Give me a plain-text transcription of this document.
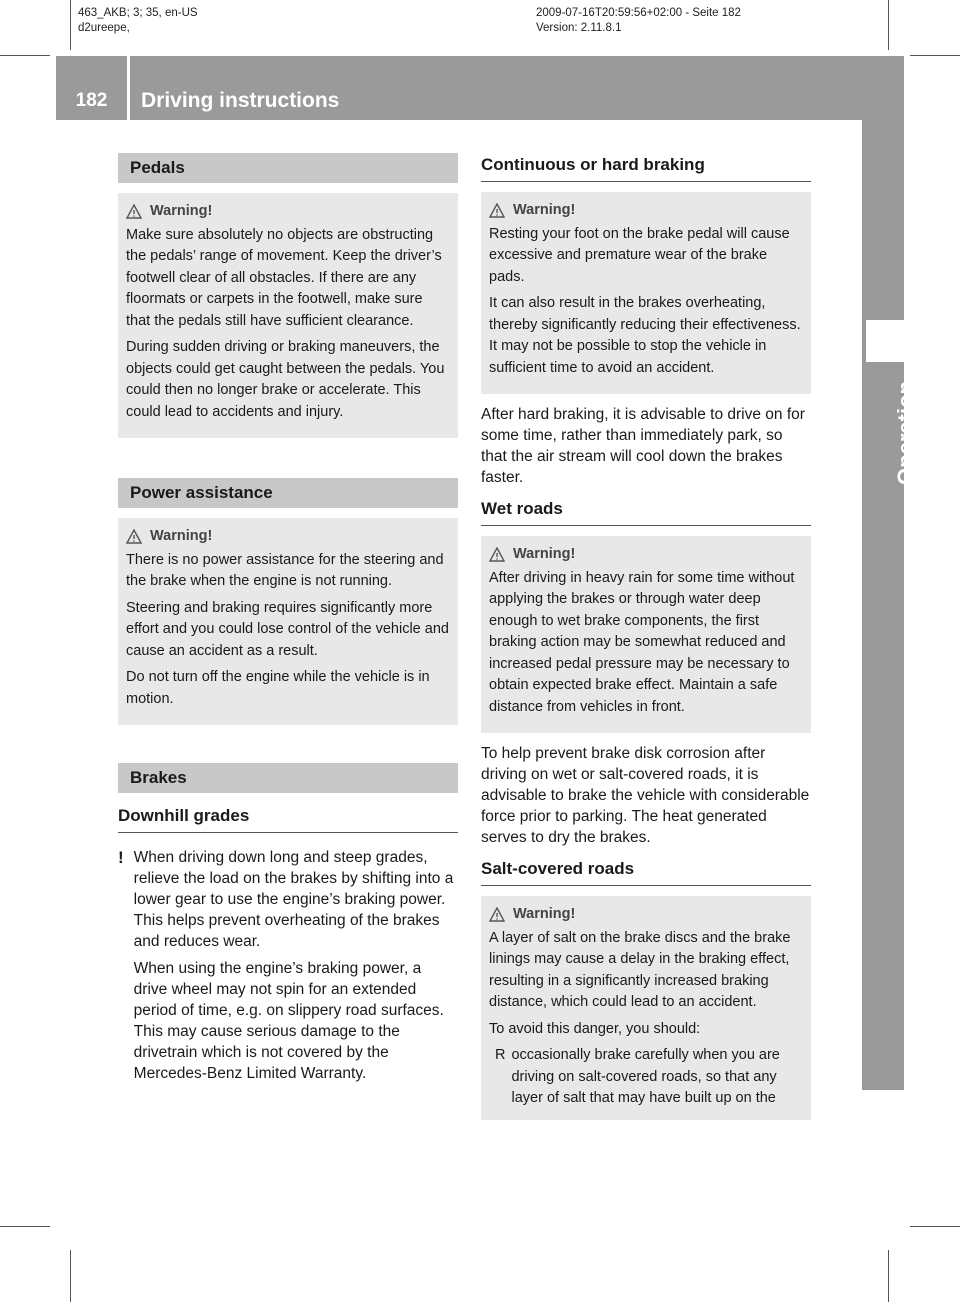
463_AKB; 3; 35, en-US
d2ureepe,
2009-07-16T20:59:56+02:00 - Seite 182
Version: 2.11.8.1
182	Driving instructions
Operation
Pedals
Warning!

Make sure absolutely no objects are obstructing the pedals’ range of movement. Keep the driver’s footwell clear of all obstacles. If there are any floormats or carpets in the footwell, make sure that the pedals still have sufficient clearance.

During sudden driving or braking maneuvers, the objects could get caught between the pedals. You could then no longer brake or accelerate. This could lead to accidents and injury.

Power assistance
Warning!

There is no power assistance for the steering and the brake when the engine is not running.

Steering and braking requires significantly more effort and you could lose control of the vehicle and cause an accident as a result.

Do not turn off the engine while the vehicle is in motion.

Brakes

Downhill grades

! When driving down long and steep grades, relieve the load on the brakes by shifting into a lower gear to use the engine’s braking power. This helps prevent overheating of the brakes and reduces wear.

When using the engine’s braking power, a drive wheel may not spin for an extended period of time, e.g. on slippery road surfaces. This may cause serious damage to the drivetrain which is not covered by the Mercedes-Benz Limited Warranty.

Continuous or hard braking

Warning!

Resting your foot on the brake pedal will cause excessive and premature wear of the brake pads.

It can also result in the brakes overheating, thereby significantly reducing their effectiveness. It may not be possible to stop the vehicle in sufficient time to avoid an accident.

After hard braking, it is advisable to drive on for some time, rather than immediately park, so that the air stream will cool down the brakes faster.

Wet roads

Warning!

After driving in heavy rain for some time without applying the brakes or through water deep enough to wet brake components, the first braking action may be somewhat reduced and increased pedal pressure may be necessary to obtain expected brake effect. Maintain a safe distance from vehicles in front.

To help prevent brake disk corrosion after driving on wet or salt-covered roads, it is advisable to brake the vehicle with considerable force prior to parking. The heat generated serves to dry the brakes.

Salt-covered roads

Warning!

A layer of salt on the brake discs and the brake linings may cause a delay in the braking effect, resulting in a significantly increased braking distance, which could lead to an accident.

To avoid this danger, you should:

R occasionally brake carefully when you are driving on salt-covered roads, so that any layer of salt that may have built up on the
